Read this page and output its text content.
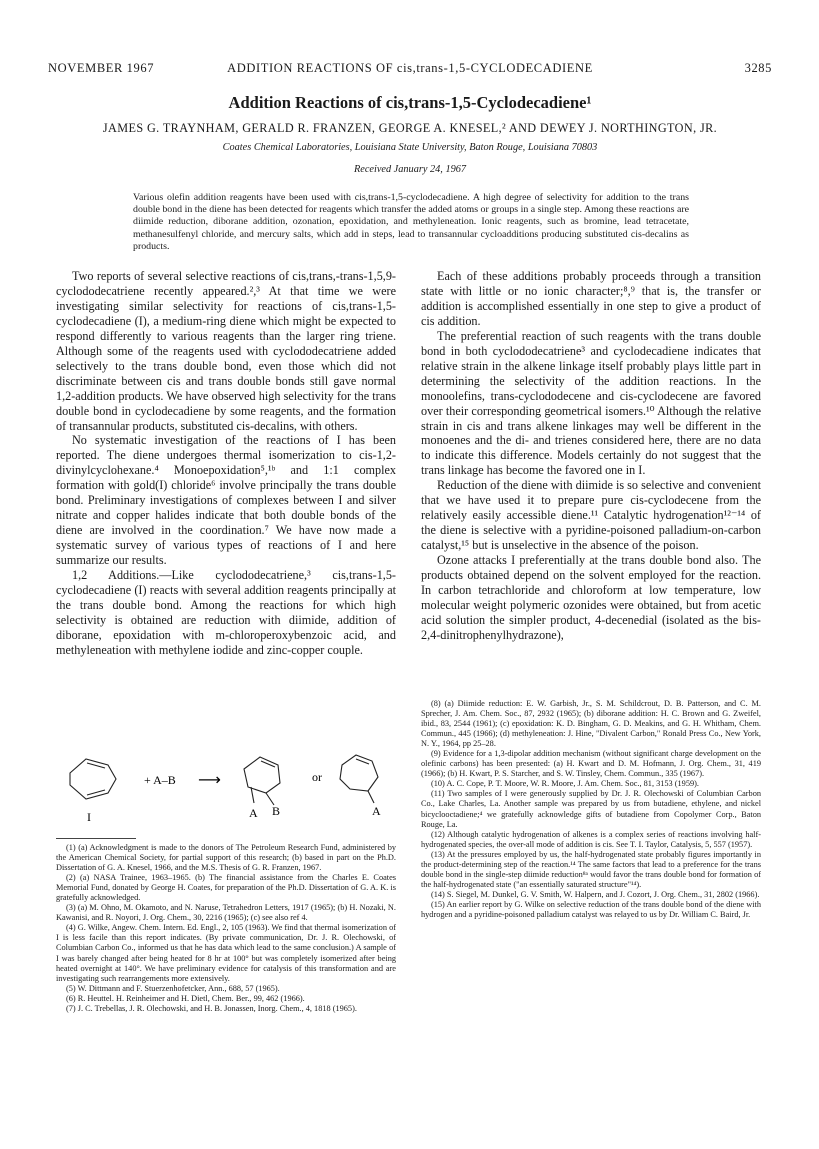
NOVEMBER 1967	ADDITION REACTIONS OF cis,trans-1,5-CYCLODECADIENE	3285
Addition Reactions of cis,trans-1,5-Cyclodecadiene¹
JAMES G. TRAYNHAM, GERALD R. FRANZEN, GEORGE A. KNESEL,² AND DEWEY J. NORTHINGTON, JR.
Coates Chemical Laboratories, Louisiana State University, Baton Rouge, Louisiana 70803
Received January 24, 1967
Various olefin addition reagents have been used with cis,trans-1,5-cyclodecadiene. A high degree of selectivity for addition to the trans double bond in the diene has been detected for reagents which transfer the added atoms or groups in a single step. Among these reactions are diimide reduction, diborane addition, ozonation, epoxidation, and methyleneation. Ionic reagents, such as bromine, lead tetracetate, methanesulfenyl chloride, and mercury salts, which add in steps, lead to transannular cycloadditions producing substituted cis-decalins as products.

Two reports of several selective reactions of cis,trans,-trans-1,5,9-cyclododecatriene recently appeared.²,³ At that time we were investigating similar selectivity for reactions of cis,trans-1,5-cyclodecadiene (I), a medium-ring diene which might be expected to respond differently to various reagents than the larger ring triene. Although some of the reagents used with cyclododecatriene added selectively to the trans double bond, even those which did not discriminate between cis and trans double bonds still gave normal 1,2-addition products. We have observed high selectivity for the trans double bond in cyclodecadiene by some reagents, and the formation of transannular products, substituted cis-decalins, with others.

No systematic investigation of the reactions of I has been reported. The diene undergoes thermal isomerization to cis-1,2-divinylcyclohexane.⁴ Monoepoxidation⁵,¹ᵇ and 1:1 complex formation with gold(I) chloride⁶ involve principally the trans double bond. Preliminary investigations of complexes between I and silver nitrate and copper halides indicate that both double bonds of the diene are involved in the coordination.⁷ We have now made a systematic survey of various types of reactions of I and here summarize our results.

1,2 Additions.—Like cyclododecatriene,³ cis,trans-1,5-cyclodecadiene (I) reacts with several addition reagents principally at the trans double bond. Among the reactions for which high selectivity is obtained are reduction with diimide, addition of diborane, epoxidation with m-chloroperoxybenzoic acid, and methyleneation with methylene iodide and zinc-copper couple.

I
+ A–B ⟶	or
A B	A

(1) (a) Acknowledgment is made to the donors of The Petroleum Research Fund, administered by the American Chemical Society, for partial support of this research; (b) based in part on the Ph.D. Dissertation of G. A. Knesel, 1966, and the M.S. Thesis of G. R. Franzen, 1967.

(2) (a) NASA Trainee, 1963–1965. (b) The financial assistance from the Charles E. Coates Memorial Fund, donated by George H. Coates, for preparation of the Ph.D. Dissertation of G. A. K. is gratefully acknowledged.

(3) (a) M. Ohno, M. Okamoto, and N. Naruse, Tetrahedron Letters, 1917 (1965); (b) H. Nozaki, N. Kawanisi, and R. Noyori, J. Org. Chem., 30, 2216 (1965); (c) see also ref 4.

(4) G. Wilke, Angew. Chem. Intern. Ed. Engl., 2, 105 (1963). We find that thermal isomerization of I is less facile than this report indicates. (By private communication, Dr. J. R. Olechowski, of Columbian Carbon Co., informed us that he has data which lead to the same conclusion.) A sample of I was barely changed after being heated for 8 hr at 100° but was completely isomerized after being heated overnight at 140°. We have preliminary evidence for catalysis of this transformation and are investigating such rearrangements more extensively.

(5) W. Dittmann and F. Stuerzenhofetcker, Ann., 688, 57 (1965).

(6) R. Heuttel. H. Reinheimer and H. Dietl, Chem. Ber., 99, 462 (1966).

(7) J. C. Trebellas, J. R. Olechowski, and H. B. Jonassen, Inorg. Chem., 4, 1818 (1965).

Each of these additions probably proceeds through a transition state with little or no ionic character;⁸,⁹ that is, the transfer or addition is accomplished essentially in one step to give a product of cis addition.

The preferential reaction of such reagents with the trans double bond in both cyclododecatriene³ and cyclodecadiene indicates that relative strain in the alkene linkage itself probably plays little part in determining the selectivity of the addition reactions. In the monoolefins, trans-cyclododecene and cis-cyclodecene are favored over their corresponding geometrical isomers.¹⁰ Although the relative strain in cis and trans alkene linkages may well be different in the monoenes and the di- and trienes considered here, there are no data to indicate this difference. Models certainly do not suggest that the trans linkage has become the favored one in I.

Reduction of the diene with diimide is so selective and convenient that we have used it to prepare pure cis-cyclodecene from the relatively easily accessible diene.¹¹ Catalytic hydrogenation¹²⁻¹⁴ of the diene is selective with a pyridine-poisoned palladium-on-carbon catalyst,¹⁵ but is unselective in the absence of the poison.

Ozone attacks I preferentially at the trans double bond also. The products obtained depend on the solvent employed for the reaction. In carbon tetrachloride and chloroform at low temperature, low molecular weight polymeric ozonides were obtained, but from acetic acid solution the simpler product, 4-decenedial (isolated as the bis-2,4-dinitrophenylhydrazone),

(8) (a) Diimide reduction: E. W. Garbish, Jr., S. M. Schildcrout, D. B. Patterson, and C. M. Sprecher, J. Am. Chem. Soc., 87, 2932 (1965); (b) diborane addition: H. C. Brown and G. Zweifel, ibid., 83, 2544 (1961); (c) epoxidation: K. D. Bingham, G. D. Meakins, and G. H. Whitham, Chem. Commun., 445 (1966); (d) methyleneation: J. Hine, "Divalent Carbon," Ronald Press Co., New York, N. Y., 1964, pp 25–28.

(9) Evidence for a 1,3-dipolar addition mechanism (without significant charge development on the olefinic carbons) has been presented: (a) H. Kwart and D. M. Hofmann, J. Org. Chem., 31, 419 (1966); (b) H. Kwart, P. S. Starcher, and S. W. Tinsley, Chem. Commun., 335 (1967).

(10) A. C. Cope, P. T. Moore, W. R. Moore, J. Am. Chem. Soc., 81, 3153 (1959).

(11) Two samples of I were generously supplied by Dr. J. R. Olechowski of Columbian Carbon Co., Lake Charles, La. Another sample was prepared by us from butadiene, ethylene, and nickel bicyclooctadiene;⁴ we gratefully acknowledge gifts of butadiene from Copolymer Corp., Baton Rouge, La.

(12) Although catalytic hydrogenation of alkenes is a complex series of reactions involving half-hydrogenated species, the over-all mode of addition is cis. See T. I. Taylor, Catalysis, 5, 557 (1957).

(13) At the pressures employed by us, the half-hydrogenated state probably figures importantly in the product-determining step of the reaction.¹⁴ The same factors that lead to a preference for the trans double bond in the single-step diimide reduction⁸ᵃ would favor the trans double bond for formation of the half-hydrogenated state ("an essentially saturated structure"¹⁴).

(14) S. Siegel, M. Dunkel, G. V. Smith, W. Halpern, and J. Cozort, J. Org. Chem., 31, 2802 (1966).

(15) An earlier report by G. Wilke on selective reduction of the trans double bond of the diene with hydrogen and a pyridine-poisoned palladium catalyst was relayed to us by Dr. William C. Baird, Jr.
